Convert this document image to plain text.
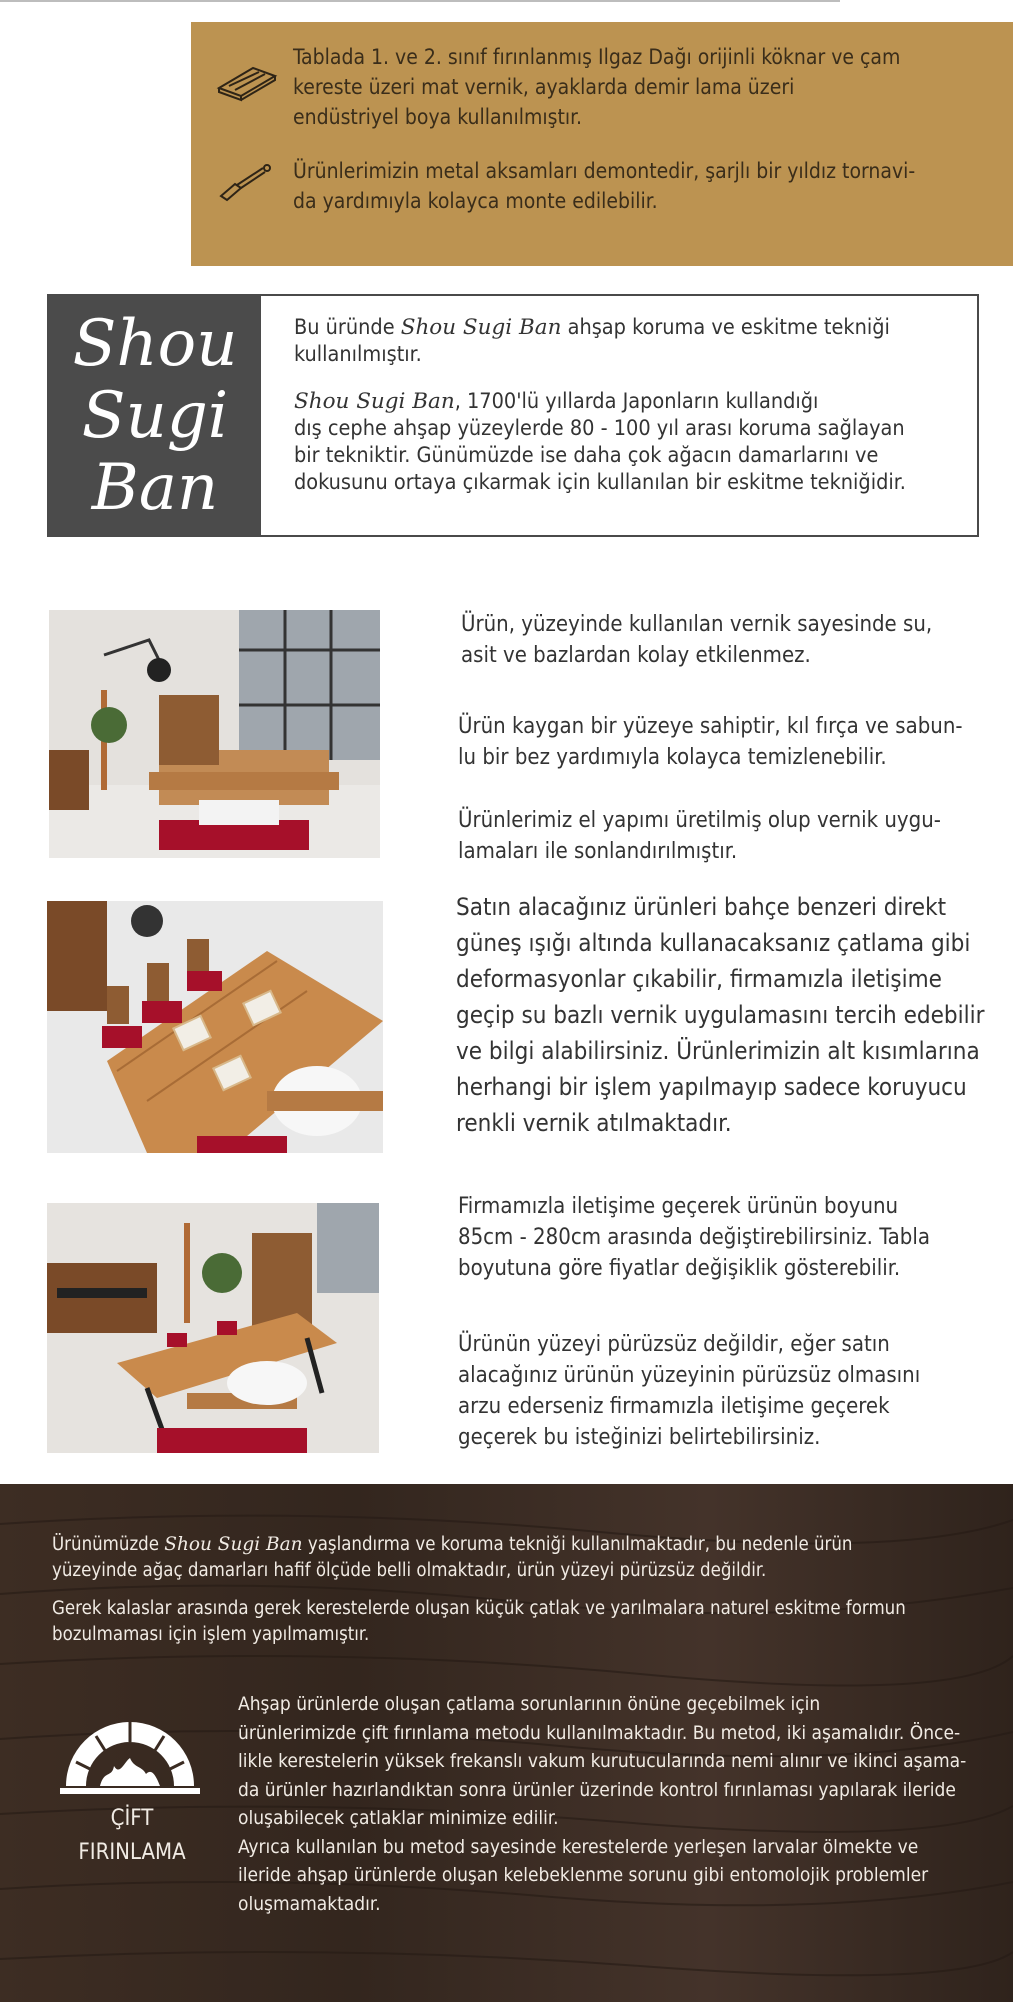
Tablada 1. ve 2. sınıf fırınlanmış Ilgaz Dağı orijinli köknar ve çam
kereste üzeri mat vernik, ayaklarda demir lama üzeri
endüstriyel boya kullanılmıştır.
Ürünlerimizin metal aksamları demontedir, şarjlı bir yıldız tornavi-
da yardımıyla kolayca monte edilebilir.
Shou
Sugi
Ban

Bu üründe Shou Sugi Ban ahşap koruma ve eskitme tekniği
kullanılmıştır.

Shou Sugi Ban, 1700'lü yıllarda Japonların kullandığı
dış cephe ahşap yüzeylerde 80 - 100 yıl arası koruma sağlayan
bir tekniktir. Günümüzde ise daha çok ağacın damarlarını ve
dokusunu ortaya çıkarmak için kullanılan bir eskitme tekniğidir.

Ürün, yüzeyinde kullanılan vernik sayesinde su,
asit ve bazlardan kolay etkilenmez.
Ürün kaygan bir yüzeye sahiptir, kıl fırça ve sabun-
lu bir bez yardımıyla kolayca temizlenebilir.
Ürünlerimiz el yapımı üretilmiş olup vernik uygu-
lamaları ile sonlandırılmıştır.
Satın alacağınız ürünleri bahçe benzeri direkt
güneş ışığı altında kullanacaksanız çatlama gibi
deformasyonlar çıkabilir, firmamızla iletişime
geçip su bazlı vernik uygulamasını tercih edebilir
ve bilgi alabilirsiniz. Ürünlerimizin alt kısımlarına
herhangi bir işlem yapılmayıp sadece koruyucu
renkli vernik atılmaktadır.
Firmamızla iletişime geçerek ürünün boyunu
85cm - 280cm arasında değiştirebilirsiniz. Tabla
boyutuna göre fiyatlar değişiklik gösterebilir.
Ürünün yüzeyi pürüzsüz değildir, eğer satın
alacağınız ürünün yüzeyinin pürüzsüz olmasını
arzu ederseniz firmamızla iletişime geçerek
geçerek bu isteğinizi belirtebilirsiniz.
Ürünümüzde Shou Sugi Ban yaşlandırma ve koruma tekniği kullanılmaktadır, bu nedenle ürün
yüzeyinde ağaç damarları hafif ölçüde belli olmaktadır, ürün yüzeyi pürüzsüz değildir.
Gerek kalaslar arasında gerek kerestelerde oluşan küçük çatlak ve yarılmalara naturel eskitme formun
bozulmaması için işlem yapılmamıştır.
ÇİFT
FIRINLAMA
Ahşap ürünlerde oluşan çatlama sorunlarının önüne geçebilmek için
ürünlerimizde çift fırınlama metodu kullanılmaktadır. Bu metod, iki aşamalıdır. Önce-
likle kerestelerin yüksek frekanslı vakum kurutucularında nemi alınır ve ikinci aşama-
da ürünler hazırlandıktan sonra ürünler üzerinde kontrol fırınlaması yapılarak ileride
oluşabilecek çatlaklar minimize edilir.
Ayrıca kullanılan bu metod sayesinde kerestelerde yerleşen larvalar ölmekte ve
ileride ahşap ürünlerde oluşan kelebeklenme sorunu gibi entomolojik problemler
oluşmamaktadır.
